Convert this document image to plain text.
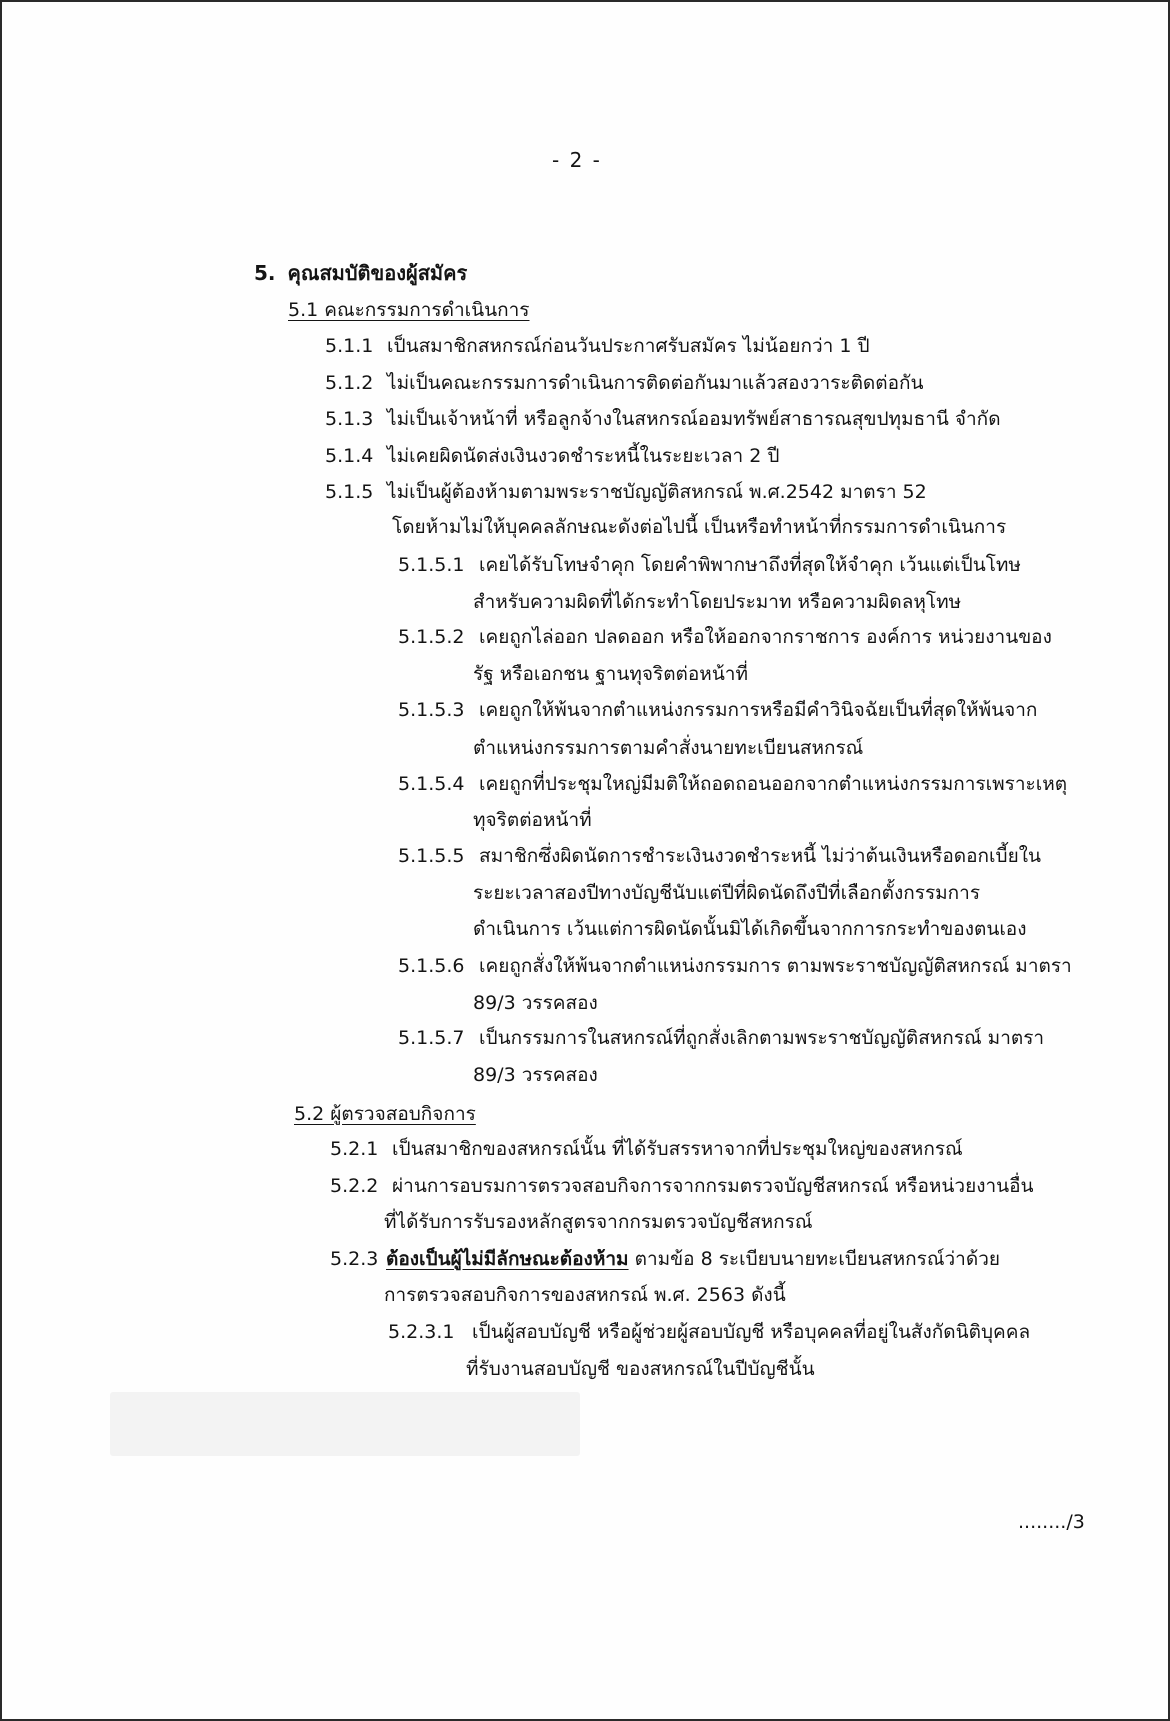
- 2 -
5. คุณสมบัติของผู้สมัคร
5.1 คณะกรรมการดำเนินการ
5.1.1 เป็นสมาชิกสหกรณ์ก่อนวันประกาศรับสมัคร ไม่น้อยกว่า 1 ปี
5.1.2 ไม่เป็นคณะกรรมการดำเนินการติดต่อกันมาแล้วสองวาระติดต่อกัน
5.1.3 ไม่เป็นเจ้าหน้าที่ หรือลูกจ้างในสหกรณ์ออมทรัพย์สาธารณสุขปทุมธานี จำกัด
5.1.4 ไม่เคยผิดนัดส่งเงินงวดชำระหนี้ในระยะเวลา 2 ปี
5.1.5 ไม่เป็นผู้ต้องห้ามตามพระราชบัญญัติสหกรณ์ พ.ศ.2542 มาตรา 52
โดยห้ามไม่ให้บุคคลลักษณะดังต่อไปนี้ เป็นหรือทำหน้าที่กรรมการดำเนินการ
5.1.5.1 เคยได้รับโทษจำคุก โดยคำพิพากษาถึงที่สุดให้จำคุก เว้นแต่เป็นโทษ
สำหรับความผิดที่ได้กระทำโดยประมาท หรือความผิดลหุโทษ
5.1.5.2 เคยถูกไล่ออก ปลดออก หรือให้ออกจากราชการ องค์การ หน่วยงานของ
รัฐ หรือเอกชน ฐานทุจริตต่อหน้าที่
5.1.5.3 เคยถูกให้พ้นจากตำแหน่งกรรมการหรือมีคำวินิจฉัยเป็นที่สุดให้พ้นจาก
ตำแหน่งกรรมการตามคำสั่งนายทะเบียนสหกรณ์
5.1.5.4 เคยถูกที่ประชุมใหญ่มีมติให้ถอดถอนออกจากตำแหน่งกรรมการเพราะเหตุ
ทุจริตต่อหน้าที่
5.1.5.5 สมาชิกซึ่งผิดนัดการชำระเงินงวดชำระหนี้ ไม่ว่าต้นเงินหรือดอกเบี้ยใน
ระยะเวลาสองปีทางบัญชีนับแต่ปีที่ผิดนัดถึงปีที่เลือกตั้งกรรมการ
ดำเนินการ เว้นแต่การผิดนัดนั้นมิได้เกิดขึ้นจากการกระทำของตนเอง
5.1.5.6 เคยถูกสั่งให้พ้นจากตำแหน่งกรรมการ ตามพระราชบัญญัติสหกรณ์ มาตรา
89/3 วรรคสอง
5.1.5.7 เป็นกรรมการในสหกรณ์ที่ถูกสั่งเลิกตามพระราชบัญญัติสหกรณ์ มาตรา
89/3 วรรคสอง
5.2 ผู้ตรวจสอบกิจการ
5.2.1 เป็นสมาชิกของสหกรณ์นั้น ที่ได้รับสรรหาจากที่ประชุมใหญ่ของสหกรณ์
5.2.2 ผ่านการอบรมการตรวจสอบกิจการจากกรมตรวจบัญชีสหกรณ์ หรือหน่วยงานอื่น
ที่ได้รับการรับรองหลักสูตรจากกรมตรวจบัญชีสหกรณ์
5.2.3 ต้องเป็นผู้ไม่มีลักษณะต้องห้าม ตามข้อ 8 ระเบียบนายทะเบียนสหกรณ์ว่าด้วย
การตรวจสอบกิจการของสหกรณ์ พ.ศ. 2563 ดังนี้
5.2.3.1 เป็นผู้สอบบัญชี หรือผู้ช่วยผู้สอบบัญชี หรือบุคคลที่อยู่ในสังกัดนิติบุคคล
ที่รับงานสอบบัญชี ของสหกรณ์ในปีบัญชีนั้น
......../3
